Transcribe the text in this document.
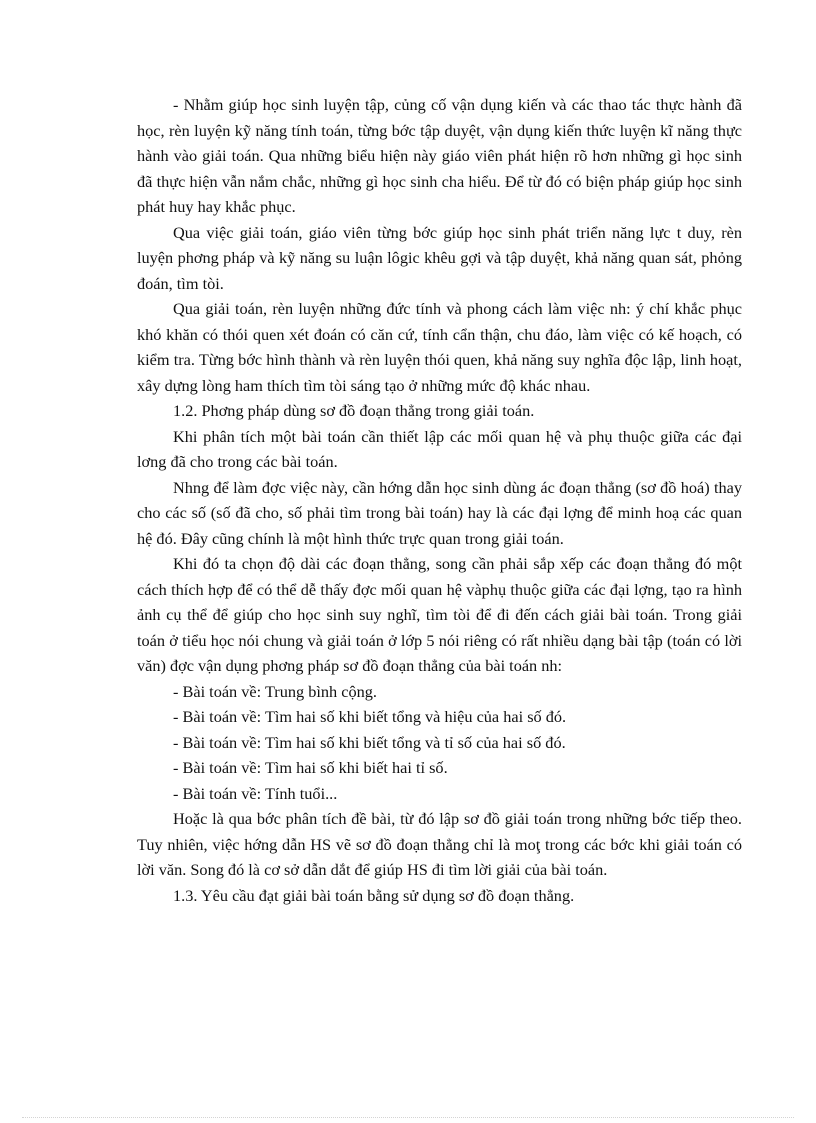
- Nhằm giúp học sinh luyện tập, củng cố vận dụng kiến và các thao tác thực hành đã học, rèn luyện kỹ năng tính toán, từng bớc tập duyệt, vận dụng kiến thức luyện kĩ năng thực hành vào giải toán. Qua những biểu hiện này giáo viên phát hiện rõ hơn những gì học sinh đã thực hiện vẫn nắm chắc, những gì học sinh cha hiểu. Để từ đó có biện pháp giúp học sinh phát huy hay khắc phục.

Qua việc giải toán, giáo viên từng bớc giúp học sinh phát triển năng lực t duy, rèn luyện phơng pháp và kỹ năng su luận lôgic khêu gợi và tập duyệt, khả năng quan sát, phỏng đoán, tìm tòi.

Qua giải toán, rèn luyện những đức tính và phong cách làm việc nh: ý chí khắc phục khó khăn có thói quen xét đoán có căn cứ, tính cẩn thận, chu đáo, làm việc có kế hoạch, có kiểm tra. Từng bớc hình thành và rèn luyện thói quen, khả năng suy nghĩa độc lập, linh hoạt, xây dựng lòng ham thích tìm tòi sáng tạo ở những mức độ khác nhau.

1.2. Phơng pháp dùng sơ đồ đoạn thẳng trong giải toán.

Khi phân tích một bài toán cần thiết lập các mối quan hệ và phụ thuộc giữa các đại lơng đã cho trong các bài toán.

Nhng để làm đợc việc này, cần hớng dẫn học sinh dùng ác đoạn thẳng (sơ đồ hoá) thay cho các số (số đã cho, số phải tìm trong bài toán) hay là các đại lợng để minh hoạ các quan hệ đó. Đây cũng chính là một hình thức trực quan trong giải toán.

Khi đó ta chọn độ dài các đoạn thẳng, song cần phải sắp xếp các đoạn thẳng đó một cách thích hợp để có thể dễ thấy đợc mối quan hệ vàphụ thuộc giữa các đại lợng, tạo ra hình ảnh cụ thể để giúp cho học sinh suy nghĩ, tìm tòi để đi đến cách giải bài toán. Trong giải toán ở tiểu học nói chung và giải toán ở lớp 5 nói riêng có rất nhiều dạng bài tập (toán có lời văn) đợc vận dụng phơng pháp sơ đồ đoạn thẳng của bài toán nh:

- Bài toán về: Trung bình cộng.

- Bài toán về: Tìm hai số khi biết tổng và hiệu của hai số đó.

- Bài toán về: Tìm hai số khi biết tổng và tỉ số của hai số đó.

- Bài toán về: Tìm hai số khi biết hai tỉ số.

- Bài toán về: Tính tuổi...

Hoặc là qua bớc phân tích đề bài, từ đó lập sơ đồ giải toán trong những bớc tiếp theo. Tuy nhiên, việc hớng dẫn HS vẽ sơ đồ đoạn thẳng chỉ là moţ trong các bớc khi giải toán có lời văn. Song đó là cơ sở dẫn dắt để giúp HS đi tìm lời giải của bài toán.

1.3. Yêu cầu đạt giải bài toán bằng sử dụng sơ đồ đoạn thẳng.
